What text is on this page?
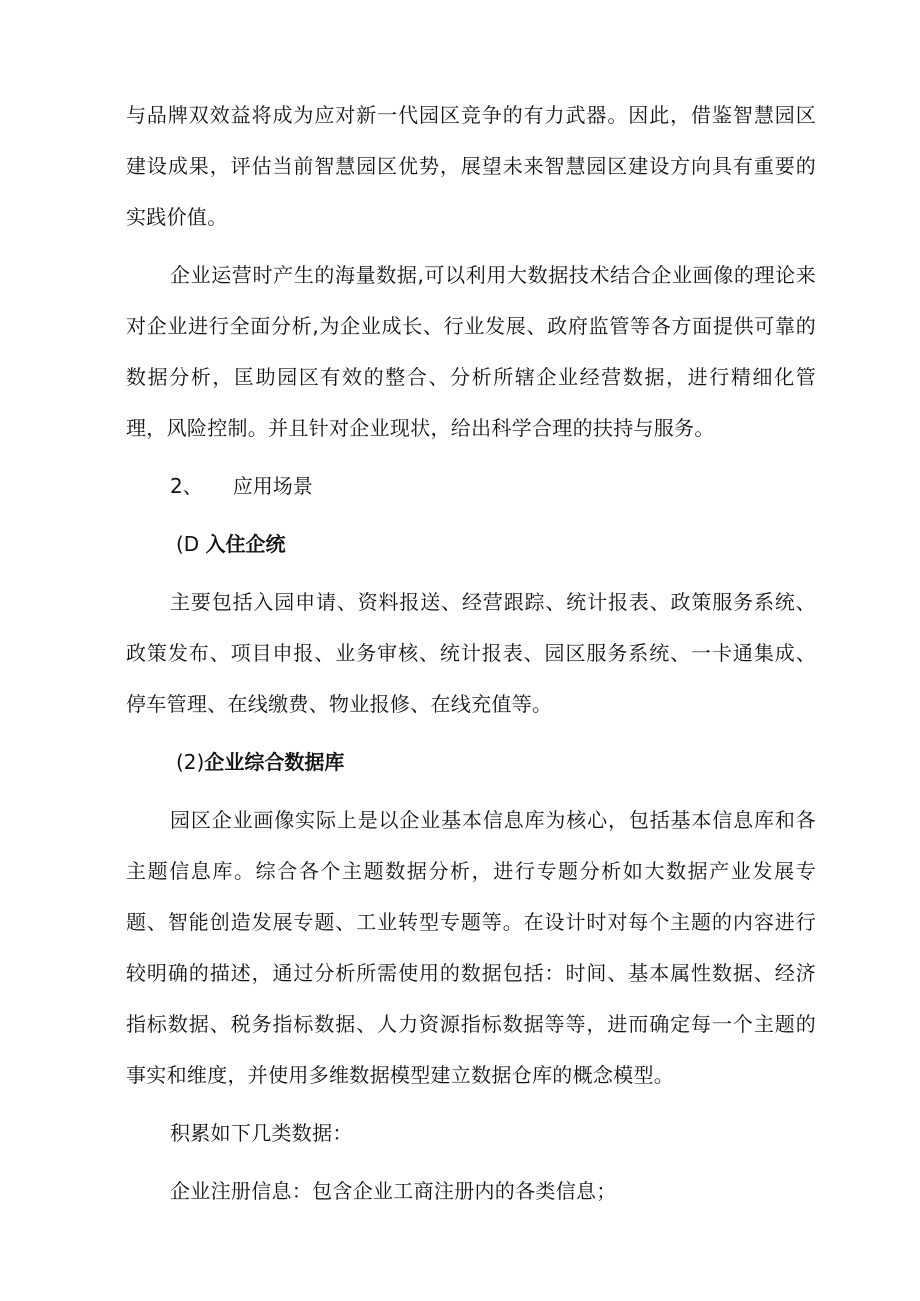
与品牌双效益将成为应对新一代园区竞争的有力武器。因此，借鉴智慧园区建设成果，评估当前智慧园区优势，展望未来智慧园区建设方向具有重要的实践价值。

企业运营时产生的海量数据,可以利用大数据技术结合企业画像的理论来对企业进行全面分析,为企业成长、行业发展、政府监管等各方面提供可靠的数据分析，匡助园区有效的整合、分析所辖企业经营数据，进行精细化管理，风险控制。并且针对企业现状，给出科学合理的扶持与服务。

2、 应用场景
(D 入住企统

主要包括入园申请、资料报送、经营跟踪、统计报表、政策服务系统、政策发布、项目申报、业务审核、统计报表、园区服务系统、一卡通集成、停车管理、在线缴费、物业报修、在线充值等。

(2)企业综合数据库

园区企业画像实际上是以企业基本信息库为核心，包括基本信息库和各主题信息库。综合各个主题数据分析，进行专题分析如大数据产业发展专题、智能创造发展专题、工业转型专题等。在设计时对每个主题的内容进行较明确的描述，通过分析所需使用的数据包括：时间、基本属性数据、经济指标数据、税务指标数据、人力资源指标数据等等，进而确定每一个主题的事实和维度，并使用多维数据模型建立数据仓库的概念模型。

积累如下几类数据：

企业注册信息：包含企业工商注册内的各类信息；
